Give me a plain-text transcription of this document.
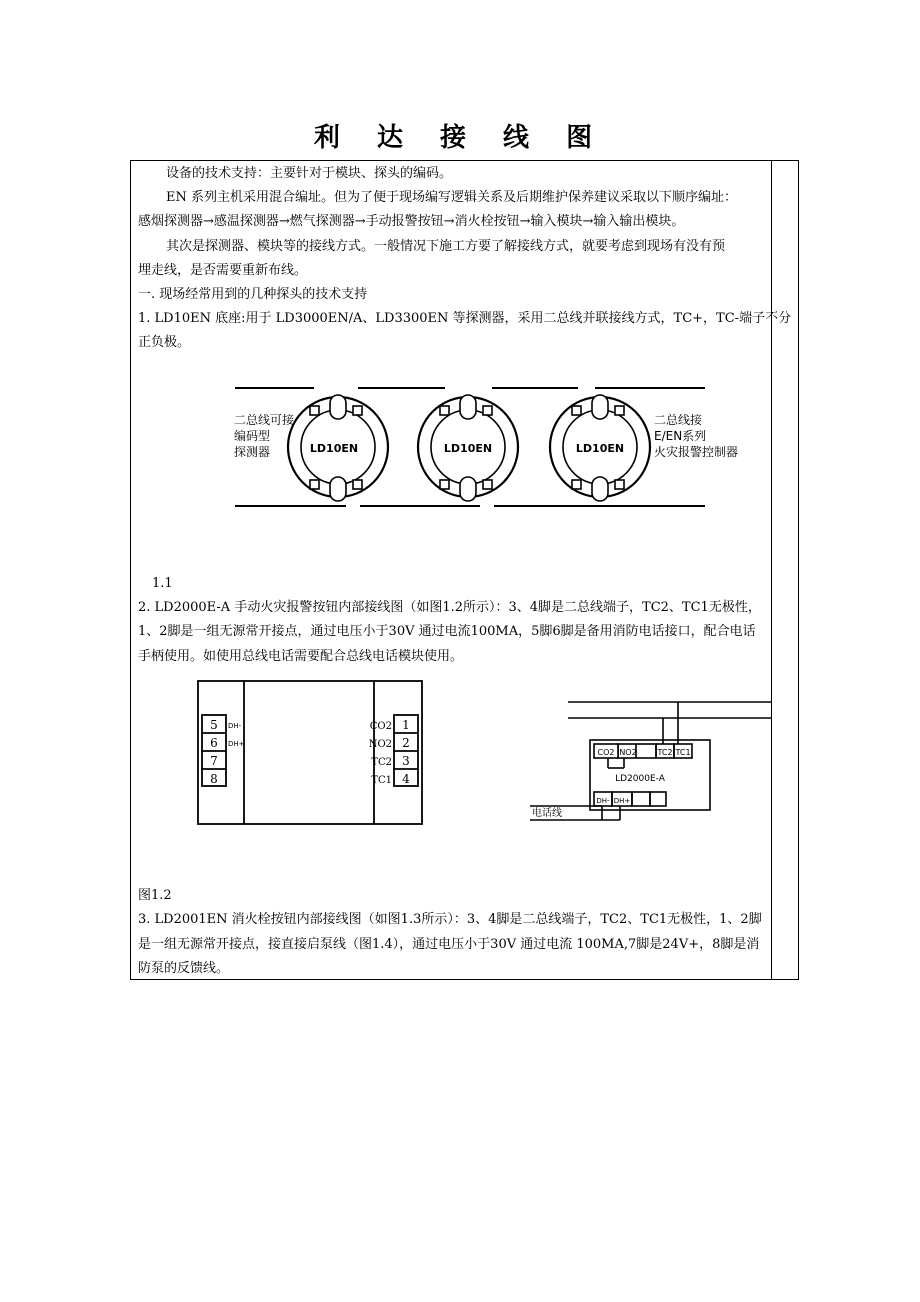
利 达 接 线 图
设备的技术支持：主要针对于模块、探头的编码。
EN 系列主机采用混合编址。但为了便于现场编写逻辑关系及后期维护保养建议采取以下顺序编址：
感烟探测器→感温探测器→燃气探测器→手动报警按钮→消火栓按钮→输入模块→输入输出模块。
其次是探测器、模块等的接线方式。一般情况下施工方要了解接线方式，就要考虑到现场有没有预
埋走线，是否需要重新布线。
一. 现场经常用到的几种探头的技术支持
1. LD10EN 底座:用于 LD3000EN/A、LD3300EN 等探测器，采用二总线并联接线方式，TC+，TC-端子不分
正负极。
LD10EN	LD10EN	LD10EN
二总线可接
编码型
探测器
二总线接
E/EN系列
火灾报警控制器
1.1
2. LD2000E-A 手动火灾报警按钮内部接线图（如图1.2所示）：3、4脚是二总线端子，TC2、TC1无极性，
1、2脚是一组无源常开接点，通过电压小于30V 通过电流100MA，5脚6脚是备用消防电话接口，配合电话
手柄使用。如使用总线电话需要配合总线电话模块使用。
5
6
7
8
DH-
DH+
CO2
NO2
TC2
TC1
1
2
3
4
CO2 NO2	TC2 TC1
LD2000E-A
DH- DH+
电话线
图1.2
3. LD2001EN 消火栓按钮内部接线图（如图1.3所示）：3、4脚是二总线端子，TC2、TC1无极性，1、2脚
是一组无源常开接点，接直接启泵线（图1.4），通过电压小于30V 通过电流 100MA,7脚是24V+，8脚是消
防泵的反馈线。
